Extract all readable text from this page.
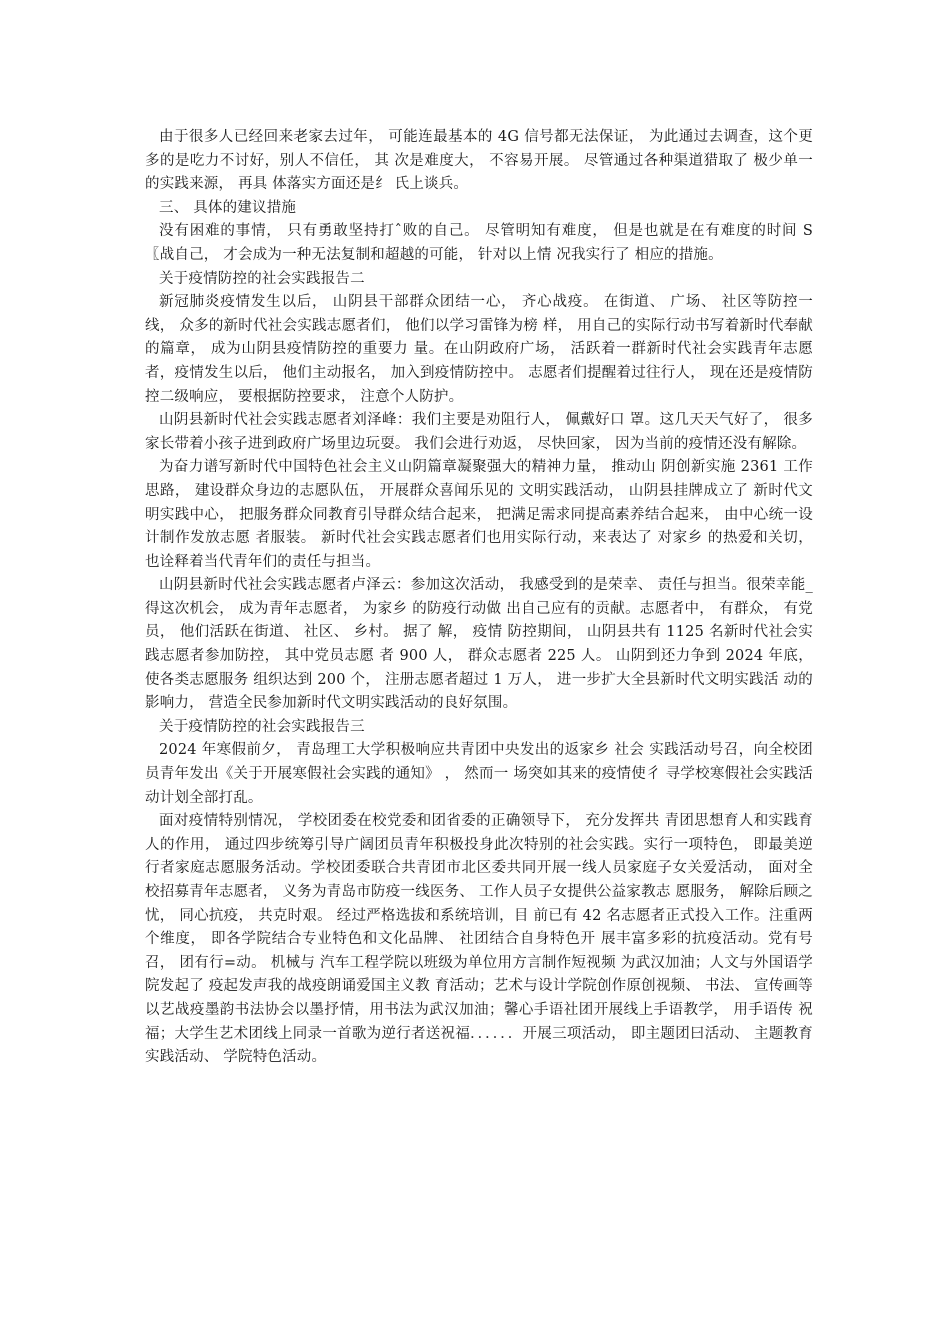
由于很多人已经回来老家去过年， 可能连最基本的 4G 信号都无法保证， 为此通过去调查，这个更多的是吃力不讨好，别人不信任， 其 次是难度大， 不容易开展。 尽管通过各种渠道猎取了 极少单一的实践来源， 再具 体落实方面还是纟 氏上谈兵。

三、 具体的建议措施

没有困难的事情， 只有勇敢坚持打ˆ败的自己。 尽管明知有难度， 但是也就是在有难度的时间 S〖战自己， 才会成为一种无法复制和超越的可能， 针对以上情 况我实行了 相应的措施。

关于疫情防控的社会实践报告二

新冠肺炎疫情发生以后， 山阴县干部群众团结一心， 齐心战疫。 在街道、 广场、 社区等防控一线， 众多的新时代社会实践志愿者们， 他们以学习雷锋为榜 样， 用自己的实际行动书写着新时代奉献的篇章， 成为山阴县疫情防控的重要力 量。在山阴政府广场， 活跃着一群新时代社会实践青年志愿者，疫情发生以后， 他们主动报名， 加入到疫情防控中。 志愿者们提醒着过往行人， 现在还是疫情防 控二级响应， 要根据防控要求， 注意个人防护。

山阴县新时代社会实践志愿者刘泽峰：我们主要是劝阻行人， 佩戴好口 罩。这几天天气好了， 很多家长带着小孩子进到政府广场里边玩耍。 我们会进行劝返， 尽快回家， 因为当前的疫情还没有解除。

为奋力谱写新时代中国特色社会主义山阴篇章凝聚强大的精神力量， 推动山 阴创新实施 2361 工作思路， 建设群众身边的志愿队伍， 开展群众喜闻乐见的 文明实践活动， 山阴县挂牌成立了 新时代文明实践中心， 把服务群众同教育引导群众结合起来， 把满足需求同提高素养结合起来， 由中心统一设计制作发放志愿 者服装。 新时代社会实践志愿者们也用实际行动，来表达了 对家乡 的热爱和关切， 也诠释着当代青年们的责任与担当。

山阴县新时代社会实践志愿者卢泽云：参加这次活动， 我感受到的是荣幸、 责任与担当。很荣幸能_得这次机会， 成为青年志愿者， 为家乡 的防疫行动做 出自己应有的贡献。志愿者中， 有群众， 有党员， 他们活跃在街道、 社区、 乡村。 据了 解， 疫情 防控期间， 山阴县共有 1125 名新时代社会实践志愿者参加防控， 其中党员志愿 者 900 人， 群众志愿者 225 人。 山阴到还力争到 2024 年底， 使各类志愿服务 组织达到 200 个， 注册志愿者超过 1 万人， 进一步扩大全县新时代文明实践活 动的影响力， 营造全民参加新时代文明实践活动的良好氛围。

关于疫情防控的社会实践报告三

2024 年寒假前夕， 青岛理工大学积极响应共青团中央发出的返家乡 社会 实践活动号召，向全校团员青年发出《关于开展寒假社会实践的通知》 ， 然而一 场突如其来的疫情使彳 寻学校寒假社会实践活动计划全部打乱。

面对疫情特别情况， 学校团委在校党委和团省委的正确领导下， 充分发挥共 青团思想育人和实践育人的作用， 通过四步统筹引导广阔团员青年积极投身此次特别的社会实践。实行一项特色， 即最美逆行者家庭志愿服务活动。学校团委联合共青团市北区委共同开展一线人员家庭子女关爱活动， 面对全 校招募青年志愿者， 义务为青岛市防疫一线医务、 工作人员子女提供公益家教志 愿服务， 解除后顾之忧， 同心抗疫， 共克时艰。 经过严格选拔和系统培训，目 前已有 42 名志愿者正式投入工作。注重两个维度， 即各学院结合专业特色和文化品牌、 社团结合自身特色开 展丰富多彩的抗疫活动。党有号召， 团有行=动。 机械与 汽车工程学院以班级为单位用方言制作短视频 为武汉加油；人文与外国语学院发起了 疫起发声我的战疫朗诵爱国主义教 育活动；艺术与设计学院创作原创视频、 书法、 宣传画等以艺战疫墨韵书法协会以墨抒情，用书法为武汉加油；馨心手语社团开展线上手语教学， 用手语传 祝福；大学生艺术团线上同录一首歌为逆行者送祝福．．．．．．开展三项活动， 即主题团曰活动、 主题教育实践活动、 学院特色活动。
